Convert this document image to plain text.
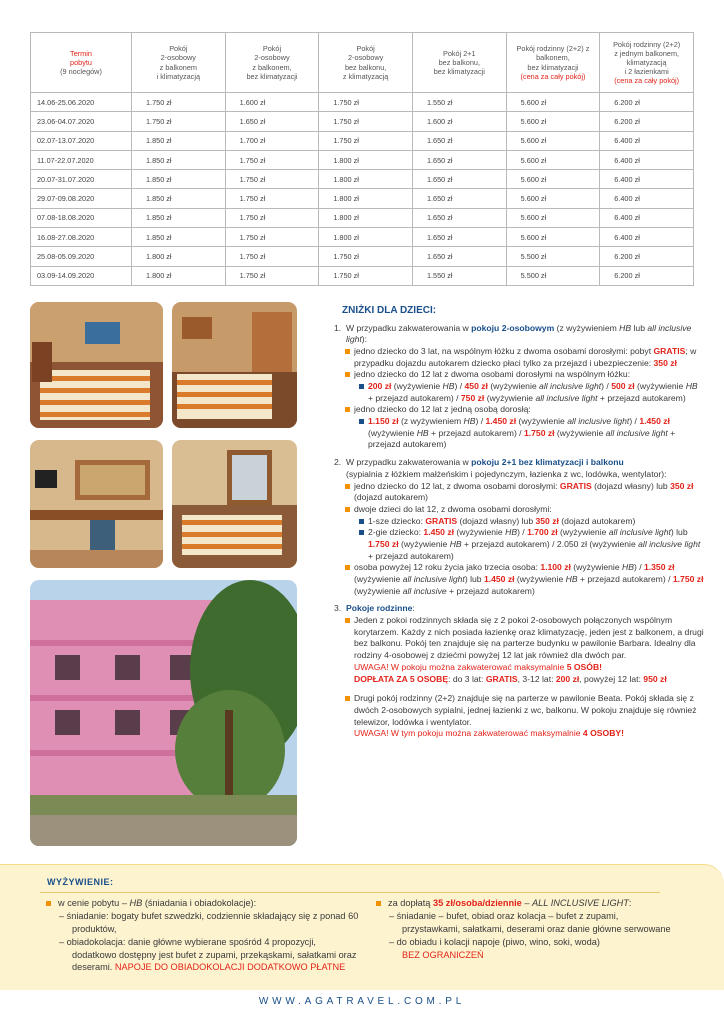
Termin
pobytu
(9 noclegów)	Pokój
2-osobowy
z balkonem
i klimatyzacją	Pokój
2-osobowy
z balkonem,
bez klimatyzacji	Pokój
2-osobowy
bez balkonu,
z klimatyzacją	Pokój 2+1
bez balkonu,
bez klimatyzacji	Pokój rodzinny (2+2) z
balkonem,
bez klimatyzacji
(cena za cały pokój)	Pokój rodzinny (2+2)
z jednym balkonem,
klimatyzacją
i 2 łazienkami
(cena za cały pokój)
14.06-25.06.2020	1.750 zł	1.600 zł	1.750 zł	1.550 zł	5.600 zł	6.200 zł
23.06-04.07.2020	1.750 zł	1.650 zł	1.750 zł	1.600 zł	5.600 zł	6.200 zł
02.07-13.07.2020	1.850 zł	1.700 zł	1.750 zł	1.650 zł	5.600 zł	6.400 zł
11.07-22.07.2020	1.850 zł	1.750 zł	1.800 zł	1.650 zł	5.600 zł	6.400 zł
20.07-31.07.2020	1.850 zł	1.750 zł	1.800 zł	1.650 zł	5.600 zł	6.400 zł
29.07-09.08.2020	1.850 zł	1.750 zł	1.800 zł	1.650 zł	5.600 zł	6.400 zł
07.08-18.08.2020	1.850 zł	1.750 zł	1.800 zł	1.650 zł	5.600 zł	6.400 zł
16.08-27.08.2020	1.850 zł	1.750 zł	1.800 zł	1.650 zł	5.600 zł	6.400 zł
25.08-05.09.2020	1.800 zł	1.750 zł	1.750 zł	1.650 zł	5.500 zł	6.200 zł
03.09-14.09.2020	1.800 zł	1.750 zł	1.750 zł	1.550 zł	5.500 zł	6.200 zł
ZNIŻKI DLA DZIECI:
1. W przypadku zakwaterowania w pokoju 2-osobowym (z wyżywieniem HB lub all inclusive light):
jedno dziecko do 3 lat, na wspólnym łóżku z dwoma osobami dorosłymi: pobyt GRATIS; w przypadku dojazdu autokarem dziecko płaci tylko za przejazd i ubezpieczenie: 350 zł
jedno dziecko do 12 lat z dwoma osobami dorosłymi na wspólnym łóżku:
200 zł (wyżywienie HB) / 450 zł (wyżywienie all inclusive light) / 500 zł (wyżywienie HB + przejazd autokarem) / 750 zł (wyżywienie all inclusive light + przejazd autokarem)
jedno dziecko do 12 lat z jedną osobą dorosłą:
1.150 zł (z wyżywieniem HB) / 1.450 zł (wyżywienie all inclusive light) / 1.450 zł (wyżywienie HB + przejazd autokarem) / 1.750 zł (wyżywienie all inclusive light + przejazd autokarem)
2. W przypadku zakwaterowania w pokoju 2+1 bez klimatyzacji i balkonu
(sypialnia z łóżkiem małżeńskim i pojedynczym, łazienka z wc, lodówka, wentylator):
jedno dziecko do 12 lat, z dwoma osobami dorosłymi: GRATIS (dojazd własny) lub 350 zł (dojazd autokarem)
dwoje dzieci do lat 12, z dwoma osobami dorosłymi:
1-sze dziecko: GRATIS (dojazd własny) lub 350 zł (dojazd autokarem)
2-gie dziecko: 1.450 zł (wyżywienie HB) / 1.700 zł (wyżywienie all inclusive light) lub 1.750 zł (wyżywienie HB + przejazd autokarem) / 2.050 zł (wyżywienie all inclusive light + przejazd autokarem)
osoba powyżej 12 roku życia jako trzecia osoba: 1.100 zł (wyżywienie HB) / 1.350 zł (wyżywienie all inclusive light) lub 1.450 zł (wyżywienie HB + przejazd autokarem) / 1.750 zł (wyżywienie all inclusive + przejazd autokarem)
3. Pokoje rodzinne:
Jeden z pokoi rodzinnych składa się z 2 pokoi 2-osobowych połączonych wspólnym korytarzem. Każdy z nich posiada łazienkę oraz klimatyzację, jeden jest z balkonem, a drugi bez balkonu. Pokój ten znajduje się na parterze budynku w pawilonie Barbara. Idealny dla rodziny 4-osobowej z dziećmi powyżej 12 lat jak również dla dwóch par.
UWAGA! W pokoju można zakwaterować maksymalnie 5 OSÓB!
DOPŁATA ZA 5 OSOBĘ: do 3 lat: GRATIS, 3-12 lat: 200 zł, powyżej 12 lat: 950 zł
Drugi pokój rodzinny (2+2) znajduje się na parterze w pawilonie Beata. Pokój składa się z dwóch 2-osobowych sypialni, jednej łazienki z wc, balkonu. W pokoju znajduje się również telewizor, lodówka i wentylator.
UWAGA! W tym pokoju można zakwaterować maksymalnie 4 OSOBY!
WYŻYWIENIE:
w cenie pobytu – HB (śniadania i obiadokolacje):
– śniadanie: bogaty bufet szwedzki, codziennie składający się z ponad 60 produktów,
– obiadokolacja: danie główne wybierane spośród 4 propozycji, dodatkowo dostępny jest bufet z zupami, przekąskami, sałatkami oraz deserami. NAPOJE DO OBIADOKOLACJI DODATKOWO PŁATNE
za dopłatą 35 zł/osoba/dziennie – ALL INCLUSIVE LIGHT:
– śniadanie – bufet, obiad oraz kolacja – bufet z zupami, przystawkami, sałatkami, deserami oraz danie główne serwowane
– do obiadu i kolacji napoje (piwo, wino, soki, woda)
BEZ OGRANICZEŃ
WWW.AGATRAVEL.COM.PL
